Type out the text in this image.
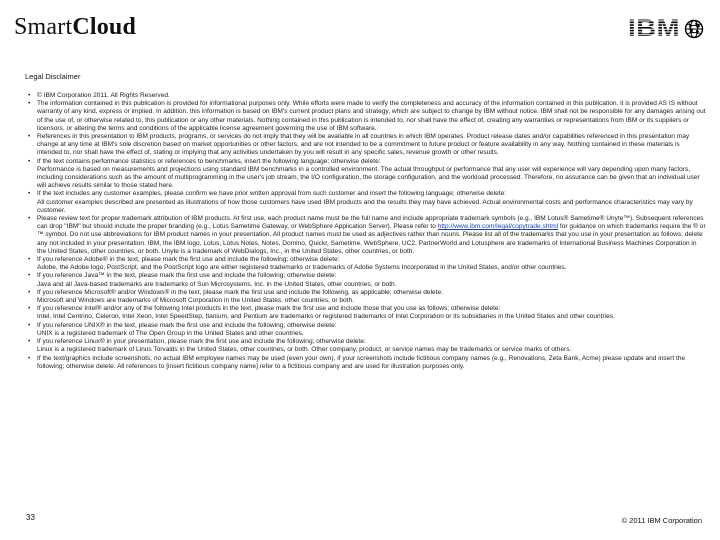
SmartCloud	IBM
Legal Disclaimer
• © IBM Corporation 2011. All Rights Reserved.
• The information contained in this publication is provided for informational purposes only. While efforts were made to verify the completeness and accuracy of the information contained in this publication, it is provided AS IS without warranty of any kind, express or implied. In addition, this information is based on IBM's current product plans and strategy, which are subject to change by IBM without notice. IBM shall not be responsible for any damages arising out of the use of, or otherwise related to, this publication or any other materials. Nothing contained in this publication is intended to, nor shall have the effect of, creating any warranties or representations from IBM or its suppliers or licensors, or altering the terms and conditions of the applicable license agreement governing the use of IBM software.
• References in this presentation to IBM products, programs, or services do not imply that they will be available in all countries in which IBM operates. Product release dates and/or capabilities referenced in this presentation may change at any time at IBM's sole discretion based on market opportunities or other factors, and are not intended to be a commitment to future product or feature availability in any way. Nothing contained in these materials is intended to, nor shall have the effect of, stating or implying that any activities undertaken by you will result in any specific sales, revenue growth or other results.
• If the text contains performance statistics or references to benchmarks, insert the following language; otherwise delete:
Performance is based on measurements and projections using standard IBM benchmarks in a controlled environment. The actual throughput or performance that any user will experience will vary depending upon many factors, including considerations such as the amount of multiprogramming in the user's job stream, the I/O configuration, the storage configuration, and the workload processed. Therefore, no assurance can be given that an individual user will achieve results similar to those stated here.
• If the text includes any customer examples, please confirm we have prior written approval from such customer and insert the following language; otherwise delete:
All customer examples described are presented as illustrations of how those customers have used IBM products and the results they may have achieved. Actual environmental costs and performance characteristics may vary by customer.
• Please review text for proper trademark attribution of IBM products. At first use, each product name must be the full name and include appropriate trademark symbols (e.g., IBM Lotus® Sametime® Unyte™). Subsequent references can drop "IBM" but should include the proper branding (e.g., Lotus Sametime Gateway, or WebSphere Application Server). Please refer to http://www.ibm.com/legal/copytrade.shtml for guidance on which trademarks require the ® or ™ symbol. Do not use abbreviations for IBM product names in your presentation. All product names must be used as adjectives rather than nouns. Please list all of the trademarks that you use in your presentation as follows; delete any not included in your presentation. IBM, the IBM logo, Lotus, Lotus Notes, Notes, Domino, Quickr, Sametime, WebSphere, UC2, PartnerWorld and Lotusphere are trademarks of International Business Machines Corporation in the United States, other countries, or both. Unyte is a trademark of WebDialogs, Inc., in the United States, other countries, or both.
• If you reference Adobe® in the text, please mark the first use and include the following; otherwise delete:
Adobe, the Adobe logo, PostScript, and the PostScript logo are either registered trademarks or trademarks of Adobe Systems Incorporated in the United States, and/or other countries.
• If you reference Java™ in the text, please mark the first use and include the following; otherwise delete:
Java and all Java-based trademarks are trademarks of Sun Microsystems, Inc. in the United States, other countries, or both.
• If you reference Microsoft® and/or Windows® in the text, please mark the first use and include the following, as applicable; otherwise delete:
Microsoft and Windows are trademarks of Microsoft Corporation in the United States, other countries, or both.
• If you reference Intel® and/or any of the following Intel products in the text, please mark the first use and include those that you use as follows; otherwise delete:
Intel, Intel Centrino, Celeron, Intel Xeon, Intel SpeedStep, Itanium, and Pentium are trademarks or registered trademarks of Intel Corporation or its subsidiaries in the United States and other countries.
• If you reference UNIX® in the text, please mark the first use and include the following; otherwise delete:
UNIX is a registered trademark of The Open Group in the United States and other countries.
• If you reference Linux® in your presentation, please mark the first use and include the following; otherwise delete:
Linux is a registered trademark of Linus Torvalds in the United States, other countries, or both. Other company, product, or service names may be trademarks or service marks of others.
• If the text/graphics include screenshots, no actual IBM employee names may be used (even your own), if your screenshots include fictitious company names (e.g., Renovations, Zeta Bank, Acme) please update and insert the following; otherwise delete: All references to [insert fictitious company name] refer to a fictitious company and are used for illustration purposes only.
33	© 2011 IBM Corporation
